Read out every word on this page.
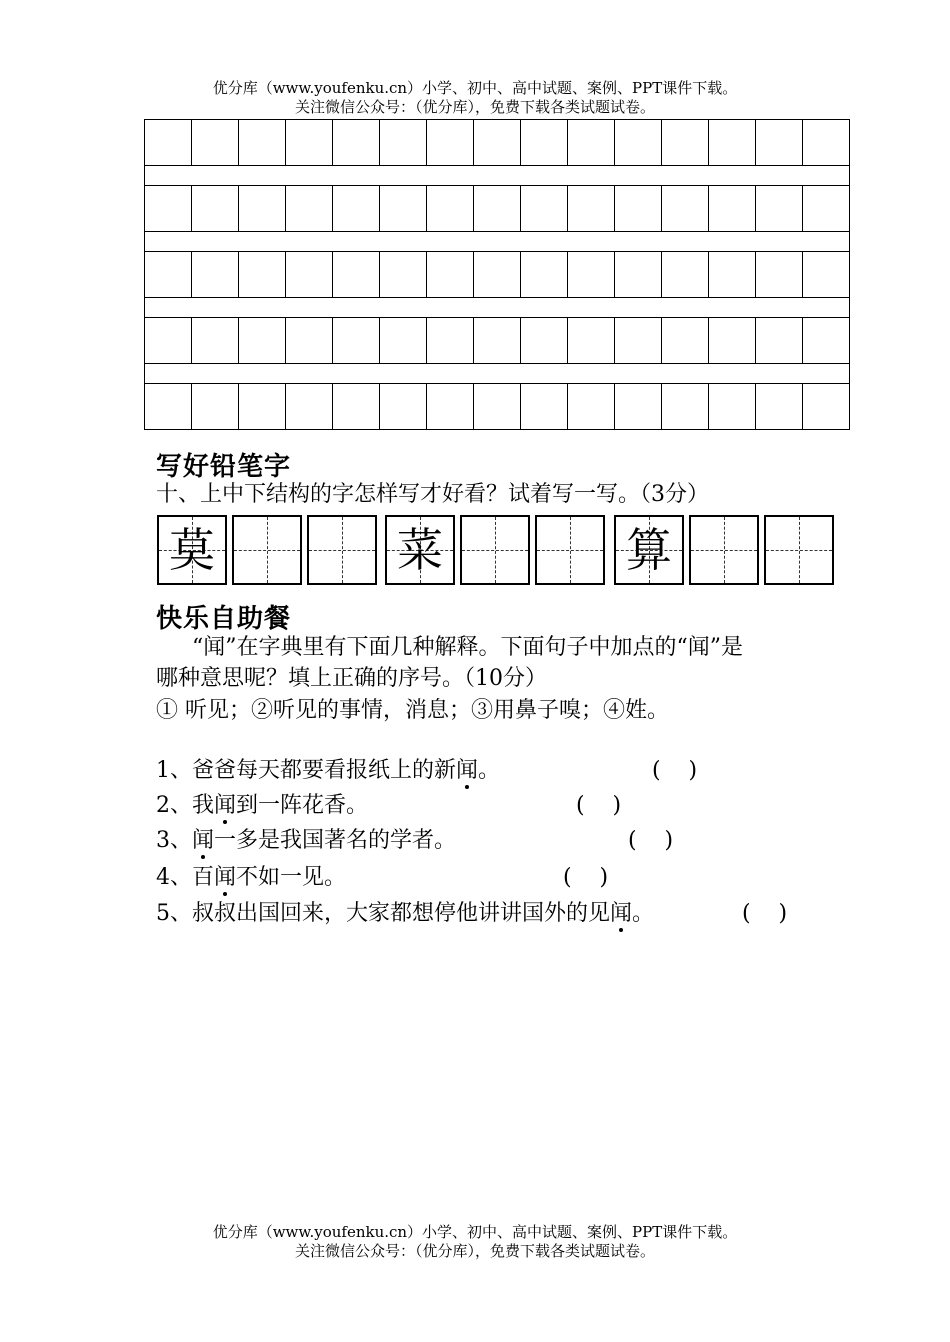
优分库（www.youfenku.cn）小学、初中、高中试题、案例、PPT课件下载。
关注微信公众号：（优分库），免费下载各类试题试卷。

写好铅笔字
十、上中下结构的字怎样写才好看？试着写一写。（3分）
莫	菜	算
快乐自助餐
“闻”在字典里有下面几种解释。下面句子中加点的“闻”是
哪种意思呢？填上正确的序号。（10分）
① 听见；②听见的事情，消息；③用鼻子嗅；④姓。
1、爸爸每天都要看报纸上的新闻。	(    )
2、我闻到一阵花香。	(    )
3、闻一多是我国著名的学者。	(    )
4、百闻不如一见。	(    )
5、叔叔出国回来，大家都想停他讲讲国外的见闻。	(    )
优分库（www.youfenku.cn）小学、初中、高中试题、案例、PPT课件下载。
关注微信公众号：（优分库），免费下载各类试题试卷。
